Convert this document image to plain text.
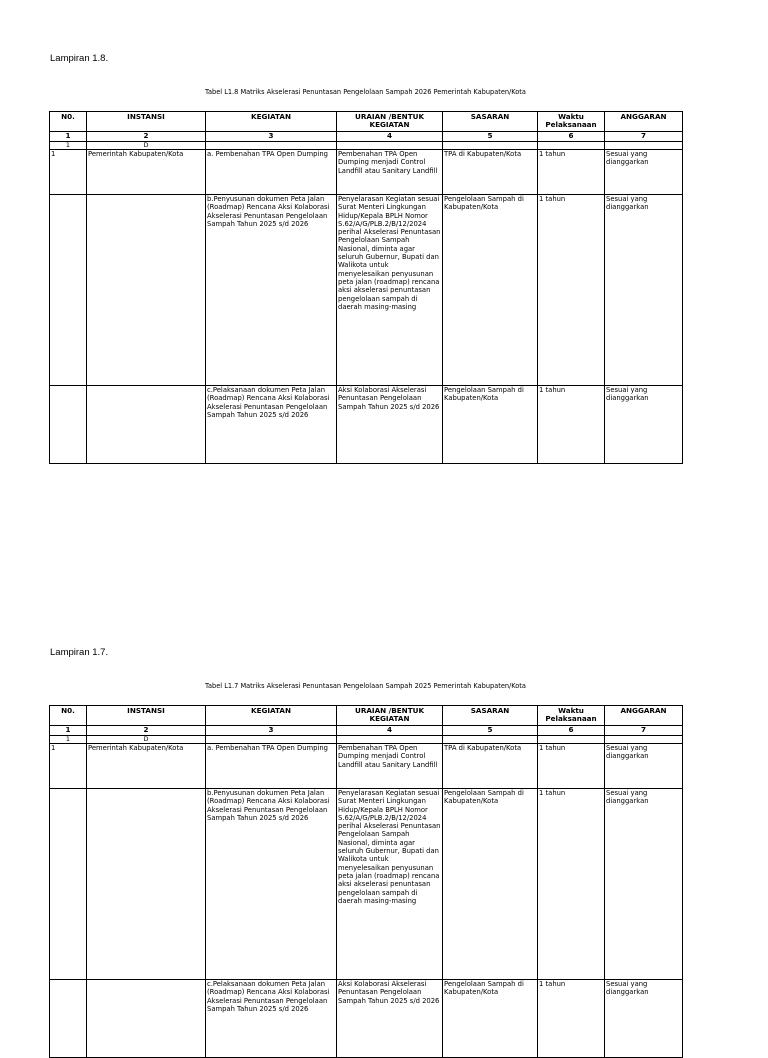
Lampiran 1.8.
Tabel L1.8 Matriks Akselerasi Penuntasan Pengelolaan Sampah 2026 Pemerintah Kabupaten/Kota
N0.	INSTANSI	KEGIATAN	URAIAN /BENTUK KEGIATAN	SASARAN	Waktu Pelaksanaan	ANGGARAN
1	2	3	4	5	6	7
1	D					
1	Pemerintah Kabupaten/Kota	a. Pembenahan TPA Open Dumping	Pembenahan TPA Open Dumping menjadi Control Landfill atau Sanitary Landfill	TPA di Kabupaten/Kota	1 tahun	Sesuai yang dianggarkan
		b.Penyusunan dokumen Peta Jalan (Roadmap) Rencana Aksi Kolaborasi Akselerasi Penuntasan Pengelolaan Sampah Tahun 2025 s/d 2026	Penyelarasan Kegiatan sesuai Surat Menteri Lingkungan Hidup/Kepala BPLH Nomor S.62/A/G/PLB.2/B/12/2024 perihal Akselerasi Penuntasan Pengelolaan Sampah Nasional, diminta agar seluruh Gubernur, Bupati dan Walikota untuk menyelesaikan penyusunan peta jalan (roadmap) rencana aksi akselerasi penuntasan pengelolaan sampah di daerah masing-masing	Pengelolaan Sampah di Kabupaten/Kota	1 tahun	Sesuai yang dianggarkan
		c.Pelaksanaan dokumen Peta Jalan (Roadmap) Rencana Aksi Kolaborasi Akselerasi Penuntasan Pengelolaan Sampah Tahun 2025 s/d 2026	Aksi Kolaborasi Akselerasi Penuntasan Pengelolaan Sampah Tahun 2025 s/d 2026	Pengelolaan Sampah di Kabupaten/Kota	1 tahun	Sesuai yang dianggarkan
Lampiran 1.7.
Tabel L1.7 Matriks Akselerasi Penuntasan Pengelolaan Sampah 2025 Pemerintah Kabupaten/Kota
N0.	INSTANSI	KEGIATAN	URAIAN /BENTUK KEGIATAN	SASARAN	Waktu Pelaksanaan	ANGGARAN
1	2	3	4	5	6	7
1	D					
1	Pemerintah Kabupaten/Kota	a. Pembenahan TPA Open Dumping	Pembenahan TPA Open Dumping menjadi Control Landfill atau Sanitary Landfill	TPA di Kabupaten/Kota	1 tahun	Sesuai yang dianggarkan
		b.Penyusunan dokumen Peta Jalan (Roadmap) Rencana Aksi Kolaborasi Akselerasi Penuntasan Pengelolaan Sampah Tahun 2025 s/d 2026	Penyelarasan Kegiatan sesuai Surat Menteri Lingkungan Hidup/Kepala BPLH Nomor S.62/A/G/PLB.2/B/12/2024 perihal Akselerasi Penuntasan Pengelolaan Sampah Nasional, diminta agar seluruh Gubernur, Bupati dan Walikota untuk menyelesaikan penyusunan peta jalan (roadmap) rencana aksi akselerasi penuntasan pengelolaan sampah di daerah masing-masing	Pengelolaan Sampah di Kabupaten/Kota	1 tahun	Sesuai yang dianggarkan
		c.Pelaksanaan dokumen Peta Jalan (Roadmap) Rencana Aksi Kolaborasi Akselerasi Penuntasan Pengelolaan Sampah Tahun 2025 s/d 2026	Aksi Kolaborasi Akselerasi Penuntasan Pengelolaan Sampah Tahun 2025 s/d 2026	Pengelolaan Sampah di Kabupaten/Kota	1 tahun	Sesuai yang dianggarkan
